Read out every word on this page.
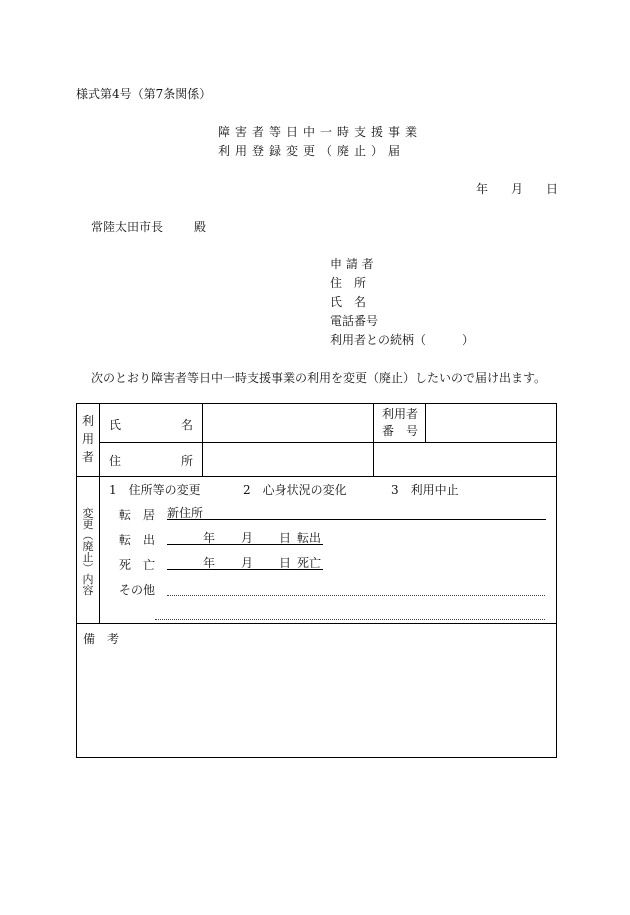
様式第4号（第7条関係）
障害者等日中一時支援事業
利用登録変更（廃止）届
年 月 日
常陸太田市長	殿
申 請 者
住　所
氏　名
電話番号
利用者との続柄（	）
次のとおり障害者等日中一時支援事業の利用を変更（廃止）したいので届け出ます。
利
用
者
氏	名
利用者
番　号
住	所
変
更
︵
廃
止
︶
内
容
1　住所等の変更	2　心身状況の変化	3　利用中止
転　居 新住所
転　出	年 月 日 転出
死　亡	年 月 日 死亡
その他
備　考
